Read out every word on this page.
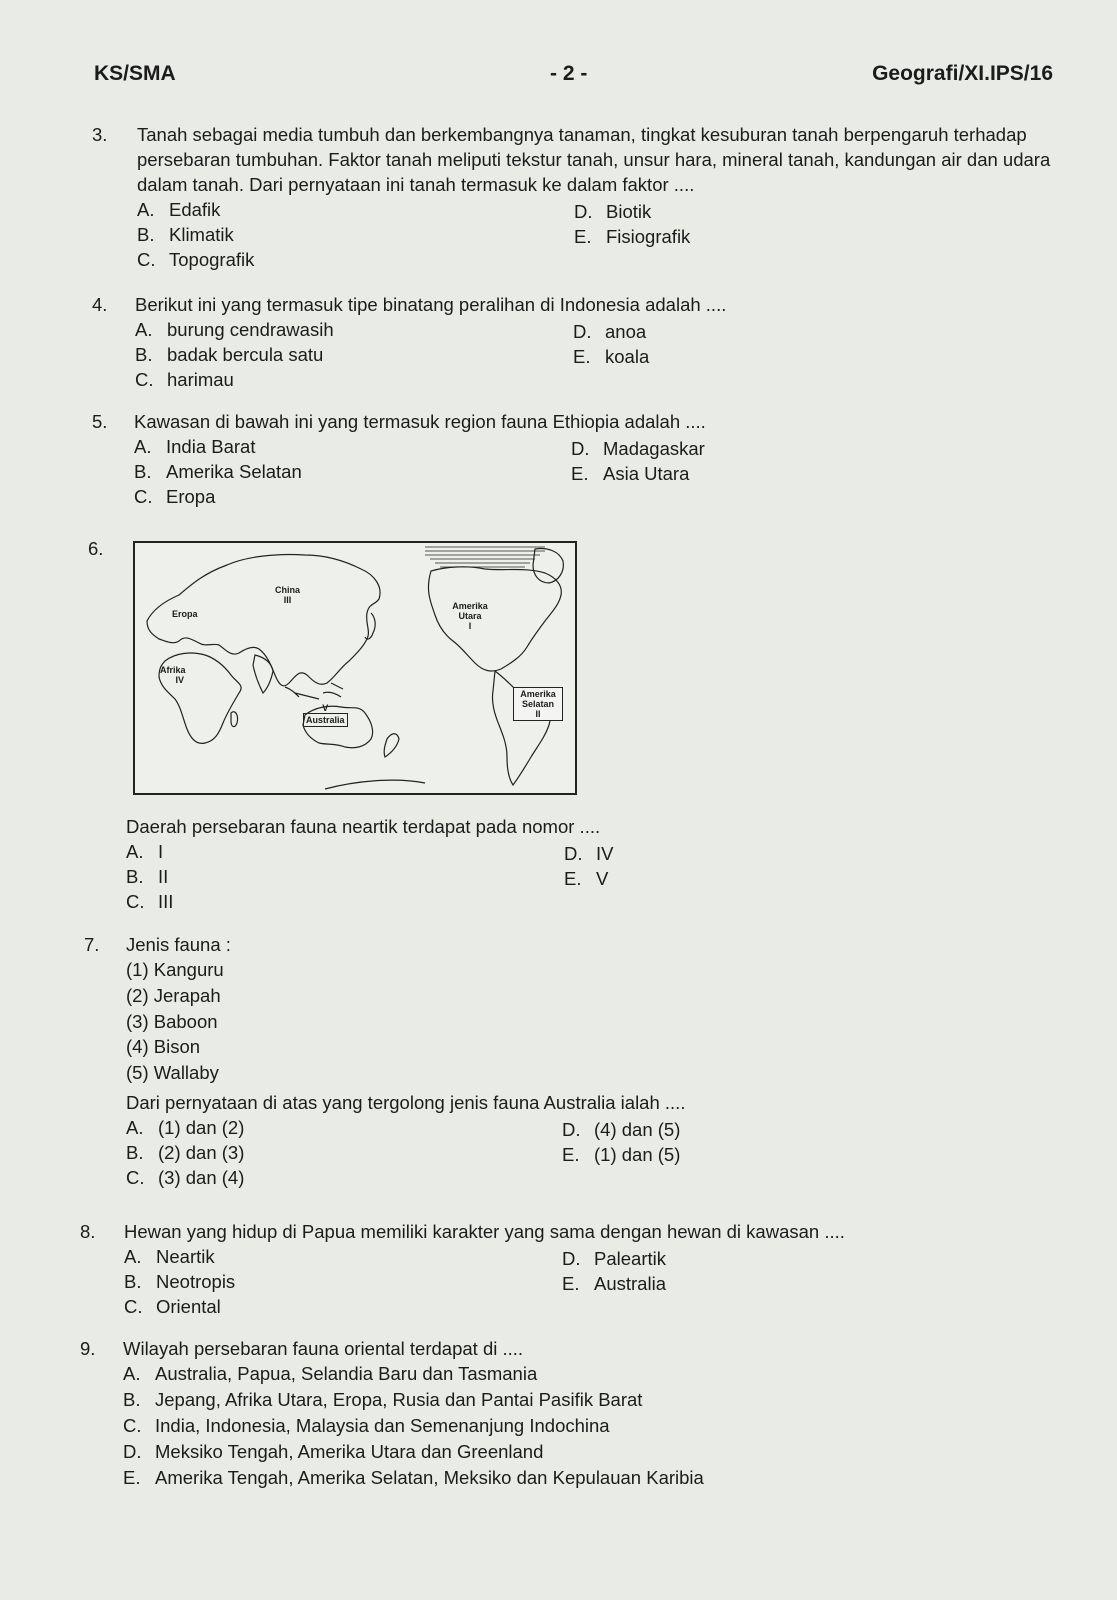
KS/SMA	- 2 -	Geografi/XI.IPS/16
3. Tanah sebagai media tumbuh dan berkembangnya tanaman, tingkat kesuburan tanah berpengaruh terhadap persebaran tumbuhan. Faktor tanah meliputi tekstur tanah, unsur hara, mineral tanah, kandungan air dan udara dalam tanah. Dari pernyataan ini tanah termasuk ke dalam faktor ....

A. Edafik
B. Klimatik
C. Topografik
D. Biotik
E. Fisiografik
4. Berikut ini yang termasuk tipe binatang peralihan di Indonesia adalah ....

A. burung cendrawasih
B. badak bercula satu
C. harimau
D. anoa
E. koala
5. Kawasan di bawah ini yang termasuk region fauna Ethiopia adalah ....

A. India Barat
B. Amerika Selatan
C. Eropa
D. Madagaskar
E. Asia Utara
6.
China
III
Eropa
Afrika
IV
Amerika Utara
I
Amerika Selatan
II
V
Australia

Daerah persebaran fauna neartik terdapat pada nomor ....

A. I
B. II
C. III
D. IV
E. V
7. Jenis fauna :

(1) Kanguru
(2) Jerapah
(3) Baboon
(4) Bison
(5) Wallaby

Dari pernyataan di atas yang tergolong jenis fauna Australia ialah ....

A. (1) dan (2)
B. (2) dan (3)
C. (3) dan (4)
D. (4) dan (5)
E. (1) dan (5)
8. Hewan yang hidup di Papua memiliki karakter yang sama dengan hewan di kawasan ....

A. Neartik
B. Neotropis
C. Oriental
D. Paleartik
E. Australia
9. Wilayah persebaran fauna oriental terdapat di ....

A. Australia, Papua, Selandia Baru dan Tasmania
B. Jepang, Afrika Utara, Eropa, Rusia dan Pantai Pasifik Barat
C. India, Indonesia, Malaysia dan Semenanjung Indochina
D. Meksiko Tengah, Amerika Utara dan Greenland
E. Amerika Tengah, Amerika Selatan, Meksiko dan Kepulauan Karibia
